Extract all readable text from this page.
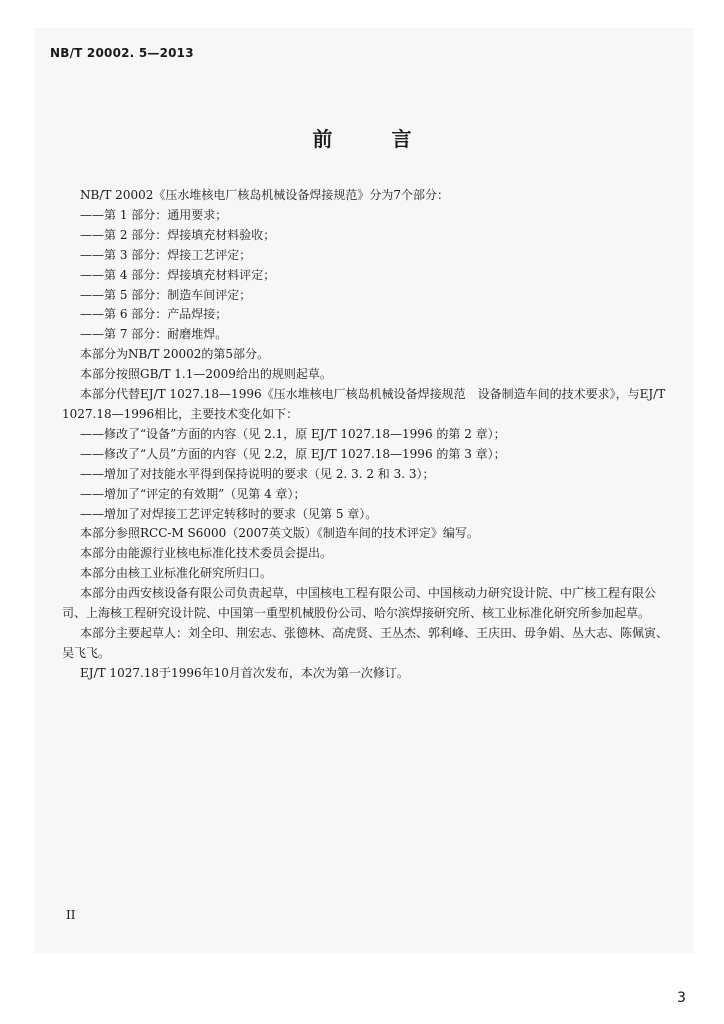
NB/T 20002. 5—2013
前 言

NB/T 20002《压水堆核电厂核岛机械设备焊接规范》分为7个部分：

——第 1 部分：通用要求；

——第 2 部分：焊接填充材料验收；

——第 3 部分：焊接工艺评定；

——第 4 部分：焊接填充材料评定；

——第 5 部分：制造车间评定；

——第 6 部分：产品焊接；

——第 7 部分：耐磨堆焊。

本部分为NB/T 20002的第5部分。

本部分按照GB/T 1.1—2009给出的规则起草。

本部分代替EJ/T 1027.18—1996《压水堆核电厂核岛机械设备焊接规范　设备制造车间的技术要求》，与EJ/T 1027.18—1996相比，主要技术变化如下：

——修改了“设备”方面的内容（见 2.1，原 EJ/T 1027.18—1996 的第 2 章）；

——修改了“人员”方面的内容（见 2.2，原 EJ/T 1027.18—1996 的第 3 章）；

——增加了对技能水平得到保持说明的要求（见 2. 3. 2 和 3. 3）；

——增加了“评定的有效期”（见第 4 章）；

——增加了对焊接工艺评定转移时的要求（见第 5 章）。

本部分参照RCC-M S6000（2007英文版）《制造车间的技术评定》编写。

本部分由能源行业核电标准化技术委员会提出。

本部分由核工业标准化研究所归口。

本部分由西安核设备有限公司负责起草，中国核电工程有限公司、中国核动力研究设计院、中广核工程有限公司、上海核工程研究设计院、中国第一重型机械股份公司、哈尔滨焊接研究所、核工业标准化研究所参加起草。

本部分主要起草人：刘全印、荆宏志、张德林、高虎贤、王丛杰、郭利峰、王庆田、毋争娟、丛大志、陈佩寅、吴飞飞。

EJ/T 1027.18于1996年10月首次发布，本次为第一次修订。

II
3
